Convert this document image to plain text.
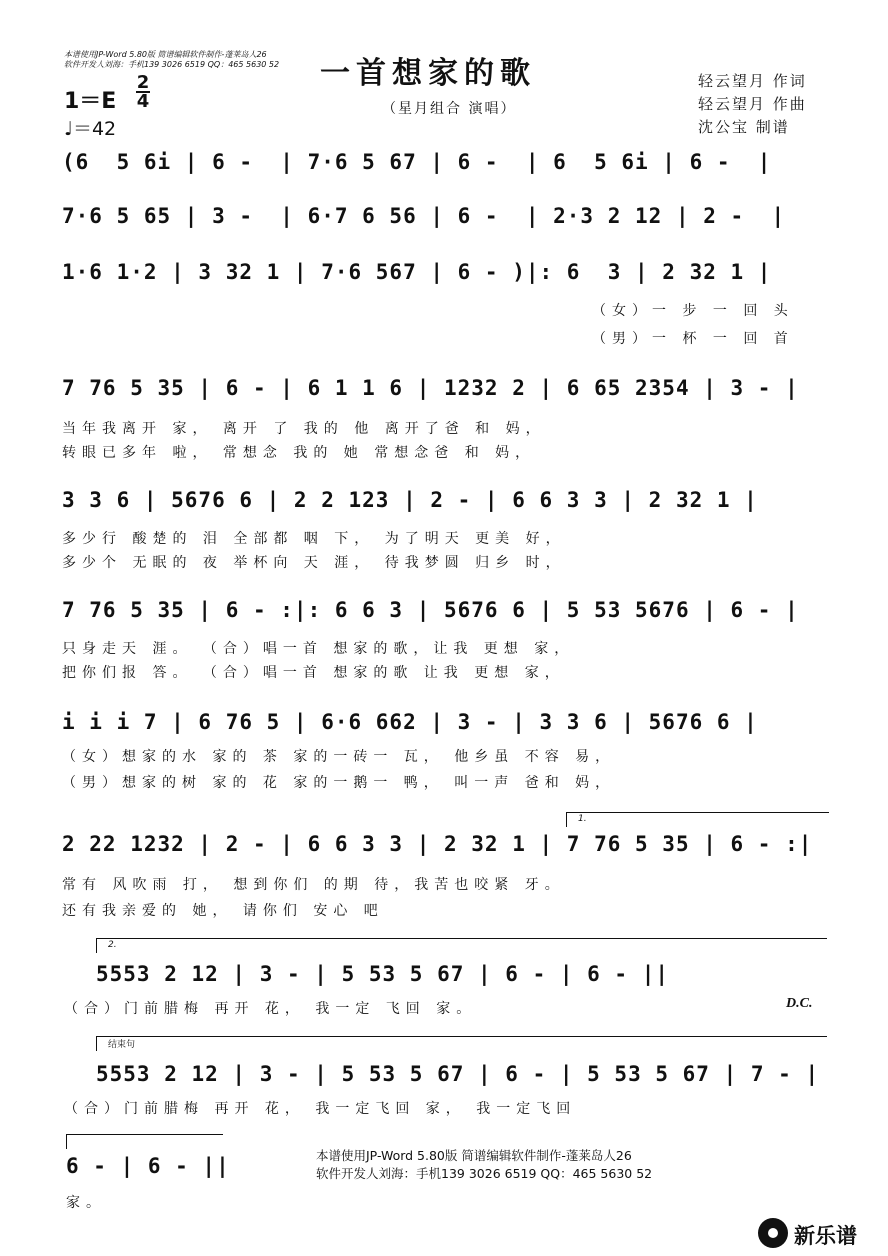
本谱使用JP-Word 5.80版 简谱编辑软件制作-蓬莱岛人26
软件开发人刘海：手机139 3026 6519 QQ：465 5630 52 一首想家的歌
（星月组合 演唱）
轻云望月 作词
轻云望月 作曲
沈公宝 制谱
1＝E
2
4
♩＝42
(6  5 6i | 6 -  | 7·6 5 67 | 6 -  | 6  5 6i | 6 -  |
7·6 5 65 | 3 -  | 6·7 6 56 | 6 -  | 2·3 2 12 | 2 -  |
1·6 1·2 | 3 32 1 | 7·6 567 | 6 - )|: 6  3 | 2 32 1 |
（女）一 步 一 回 头
（男）一 杯 一 回 首
7 76 5 35 | 6 - | 6 1 1 6 | 1232 2 | 6 65 2354 | 3 - |
当年我离开 家， 离开 了 我的 他 离开了爸 和 妈，
转眼已多年 啦， 常想念 我的 她 常想念爸 和 妈，
3 3 6 | 5676 6 | 2 2 123 | 2 - | 6 6 3 3 | 2 32 1 |
多少行 酸楚的 泪 全部都 咽 下， 为了明天 更美 好，
多少个 无眠的 夜 举杯向 天 涯， 待我梦圆 归乡 时，
7 76 5 35 | 6 - :|: 6 6 3 | 5676 6 | 5 53 5676 | 6 - |
只身走天 涯。 （合）唱一首 想家的歌，让我 更想 家，
把你们报 答。 （合）唱一首 想家的歌 让我 更想 家，
i i i 7 | 6 76 5 | 6·6 662 | 3 - | 3 3 6 | 5676 6 |
（女）想家的水 家的 茶 家的一砖一 瓦， 他乡虽 不容 易，
（男）想家的树 家的 花 家的一鹅一 鸭， 叫一声 爸和 妈，
1.
2 22 1232 | 2 - | 6 6 3 3 | 2 32 1 | 7 76 5 35 | 6 - :|
常有 风吹雨 打， 想到你们 的期 待，我苦也咬紧 牙。
还有我亲爱的 她， 请你们 安心 吧
2.
5553 2 12 | 3 - | 5 53 5 67 | 6 - | 6 - ||
（合）门前腊梅 再开 花， 我一定 飞回 家。	D.C.
结束句
5553 2 12 | 3 - | 5 53 5 67 | 6 - | 5 53 5 67 | 7 - |
（合）门前腊梅 再开 花， 我一定飞回 家， 我一定飞回
6 - | 6 - ||
家。
本谱使用JP-Word 5.80版 简谱编辑软件制作-蓬莱岛人26
软件开发人刘海：手机139 3026 6519 QQ：465 5630 52
新乐谱
